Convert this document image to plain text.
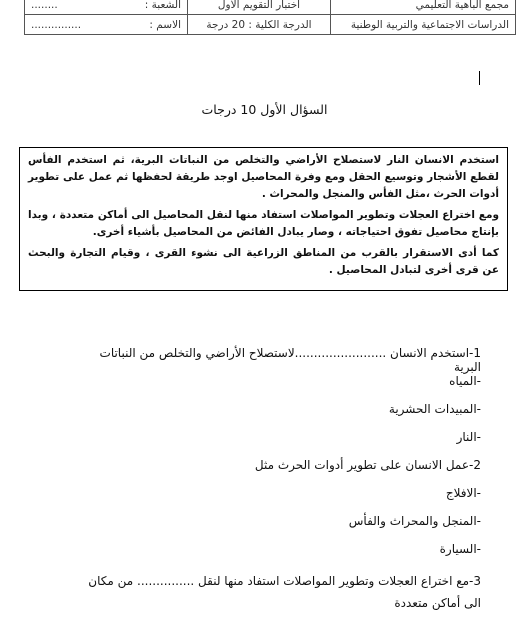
مجمع الباهية التعليمي	اختبار التقويم الاول	الشعبة :
........

الدراسات الاجتماعية والتربية الوطنية	الدرجة الكلية : 20 درجة	الاسم :
...............
السؤال الأول 10 درجات

استخدم الانسان النار لاستصلاح الأراضي والتخلص من النباتات البرية، ثم استخدم الفأس لقطع الأشجار وتوسيع الحقل ومع وفرة المحاصيل اوجد طريقة لحفظها ثم عمل على تطوير أدوات الحرث ،مثل الفأس والمنجل والمحراث .

ومع اختراع العجلات وتطوير المواصلات استفاد منها لنقل المحاصيل الى أماكن متعددة ، وبدا بإنتاج محاصيل تفوق احتياجاته ، وصار يبادل الفائض من المحاصيل بأشياء أخرى.

كما أدى الاستقرار بالقرب من المناطق الزراعية الى نشوء القرى ، وقيام التجارة والبحث عن قرى أخرى لتبادل المحاصيل .

1-استخدم الانسان ........................لاستصلاح الأراضي والتخلص من النباتات البرية
-المياه
-المبيدات الحشرية
-النار
2-عمل الانسان على تطوير أدوات الحرث مثل
-الافلاج
-المنجل والمحراث والفأس
-السيارة
3-مع اختراع العجلات وتطوير المواصلات استفاد منها لنقل ............... من مكان الى أماكن متعددة
